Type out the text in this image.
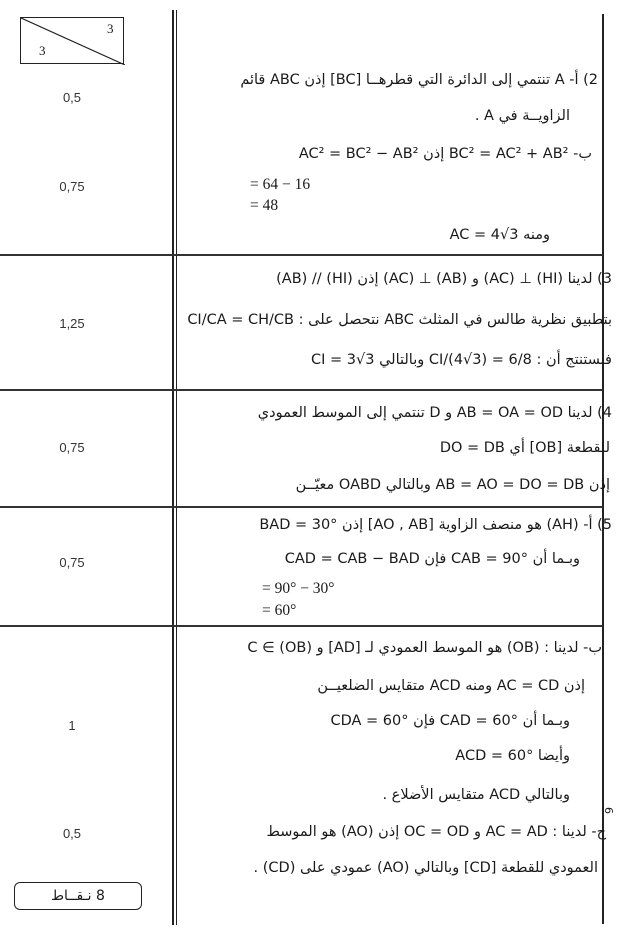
3
3
0,5
0,75
1,25
0,75
0,75
1
0,5
2) أ- A تنتمي إلى الدائرة التي قطرهــا [BC] إذن ABC قائم
الزاويــة في A .
ب- BC² = AC² + AB² إذن AC² = BC² − AB²
= 64 − 16
= 48
ومنه AC = 4√3
3) لدينا (HI) ⊥ (AC) و (AB) ⊥ (AC) إذن (HI) // (AB)
بتطبيق نظرية طالس في المثلث ABC نتحصل على : CI/CA = CH/CB
فنستنتج أن : CI/(4√3) = 6/8 وبالتالي CI = 3√3
4) لدينا AB = OA = OD و D تنتمي إلى الموسط العمودي
للقطعة [OB] أي DO = DB
إذن AB = AO = DO = DB وبالتالي OABD معيّــن
5) أ- (AH) هو منصف الزاوية [AO , AB] إذن BAD = 30°
وبـما أن CAB = 90° فإن CAD = CAB − BAD
= 90° − 30°
= 60°
ب- لدينا : (OB) هو الموسط العمودي لـ [AD] و C ∈ (OB)
إذن AC = CD ومنه ACD متقايس الضلعيــن
وبـما أن CAD = 60° فإن CDA = 60°
وأيضا ACD = 60°
وبالتالي ACD متقايس الأضلاع .
ج- لدينا : AC = AD و OC = OD إذن (AO) هو الموسط
العمودي للقطعة [CD] وبالتالي (AO) عمودي على (CD) .
6
8 نـقــاط
